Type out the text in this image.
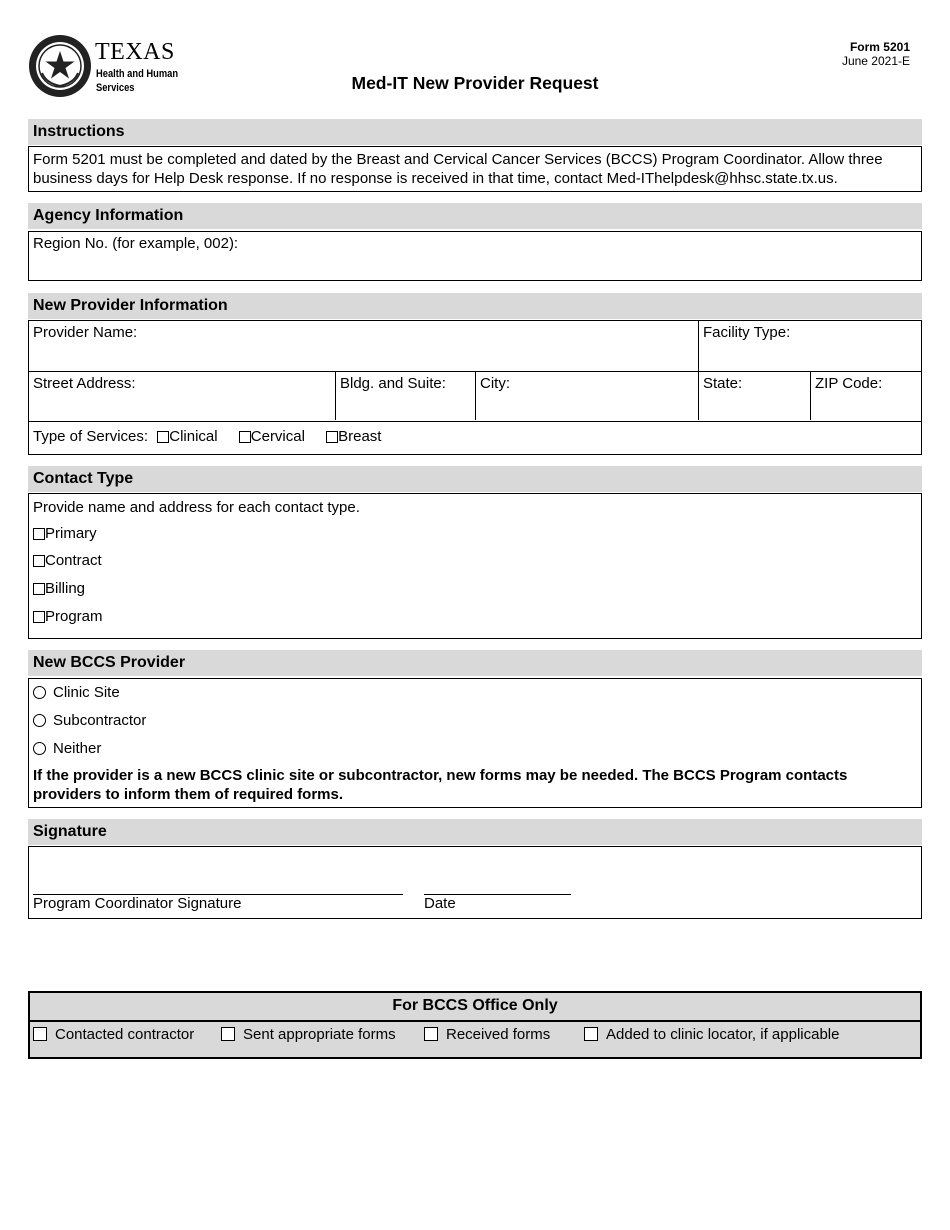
TEXAS
Health and Human
Services
Form 5201
June 2021-E
Med-IT New Provider Request
Instructions
Form 5201 must be completed and dated by the Breast and Cervical Cancer Services (BCCS) Program Coordinator. Allow three
business days for Help Desk response. If no response is received in that time, contact Med-IThelpdesk@hhsc.state.tx.us.
Agency Information
Region No. (for example, 002):
New Provider Information
Provider Name:	Facility Type:
Street Address:	Bldg. and Suite: City:	State:	ZIP Code:
Type of Services: Clinical Cervical Breast
Contact Type
Provide name and address for each contact type.
Primary
Contract
Billing
Program
New BCCS Provider
Clinic Site
Subcontractor
Neither
If the provider is a new BCCS clinic site or subcontractor, new forms may be needed. The BCCS Program contacts
providers to inform them of required forms.
Signature
Program Coordinator Signature	Date
For BCCS Office Only
Contacted contractor	Sent appropriate forms	Received forms	Added to clinic locator, if applicable
